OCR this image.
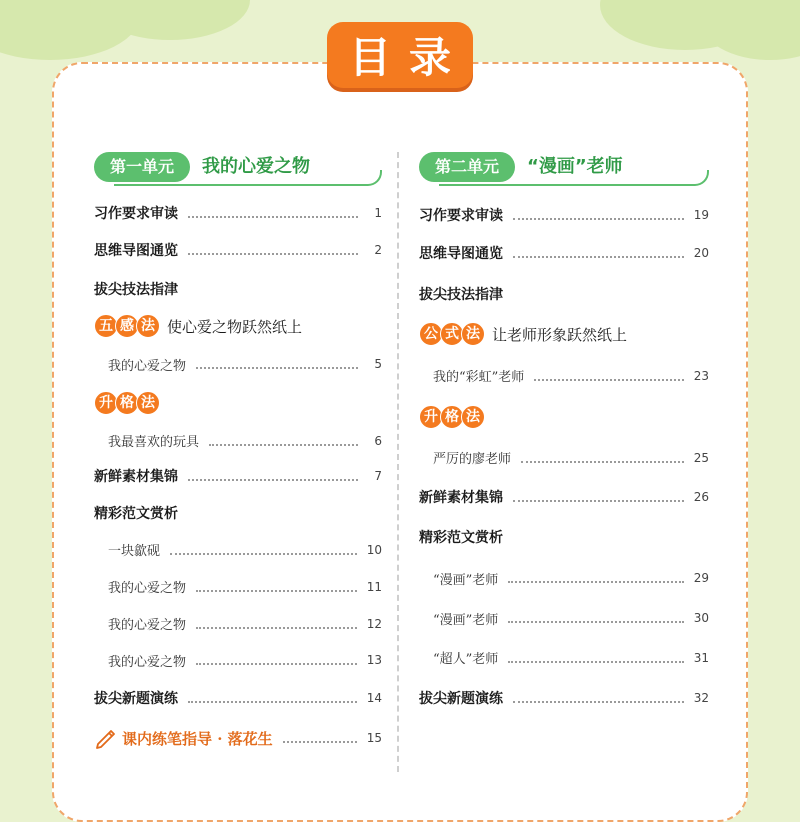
目录
第一单元	我的心爱之物
习作要求审读	1
思维导图通览	2
拔尖技法指津
五 感 法 使心爱之物跃然纸上
我的心爱之物	5
升 格 法
我最喜欢的玩具	6
新鲜素材集锦	7
精彩范文赏析
一块歙砚	10
我的心爱之物	11
我的心爱之物	12
我的心爱之物	13
拔尖新题演练	14
课内练笔指导 · 落花生	15
第二单元	“漫画”老师
习作要求审读	19
思维导图通览	20
拔尖技法指津
公 式 法 让老师形象跃然纸上
我的“彩虹”老师	23
升 格 法
严厉的廖老师	25
新鲜素材集锦	26
精彩范文赏析
“漫画”老师	29
“漫画”老师	30
“超人”老师	31
拔尖新题演练	32
